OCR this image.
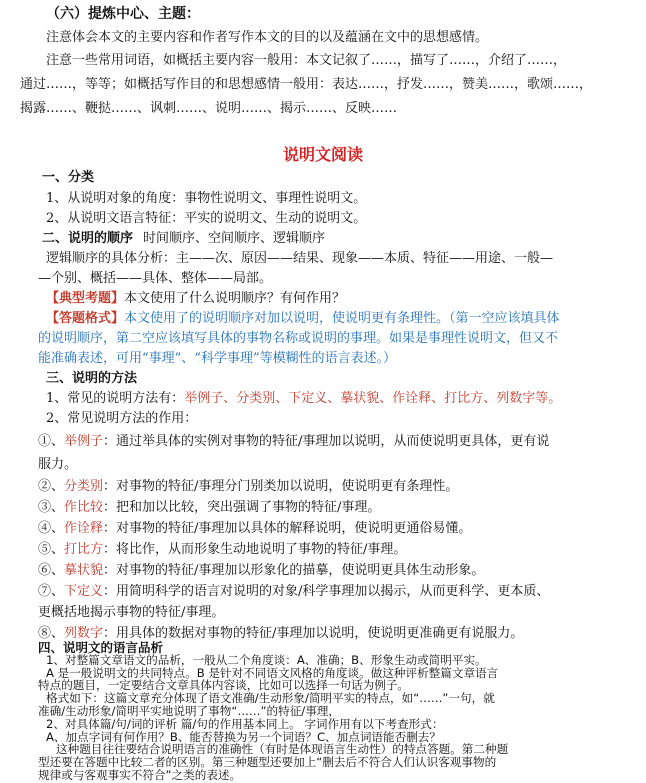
（六）提炼中心、主题：
注意体会本文的主要内容和作者写作本文的目的以及蕴涵在文中的思想感情。
注意一些常用词语，如概括主要内容一般用：本文记叙了……，描写了……，介绍了……，
通过……，等等；如概括写作目的和思想感情一般用：表达……，抒发……，赞美……，歌颂……，
揭露……、鞭挞……、讽刺……、说明……、揭示……、反映……
说明文阅读
一、分类
1、从说明对象的角度：事物性说明文、事理性说明文。
2、从说明文语言特征：平实的说明文、生动的说明文。
二、说明的顺序 时间顺序、空间顺序、逻辑顺序
逻辑顺序的具体分析：主——次、原因——结果、现象——本质、特征——用途、一般—
—个别、概括——具体、整体——局部。
【典型考题】本文使用了什么说明顺序？有何作用？
【答题格式】本文使用了的说明顺序对加以说明，使说明更有条理性。（第一空应该填具体
的说明顺序，第二空应该填写具体的事物名称或说明的事理。如果是事理性说明文，但又不
能准确表述，可用“事理”、“科学事理”等模糊性的语言表述。）
三、说明的方法
1、常见的说明方法有：举例子、分类别、下定义、摹状貌、作诠释、打比方、列数字等。
2、常见说明方法的作用：
①、举例子：通过举具体的实例对事物的特征/事理加以说明，从而使说明更具体，更有说
服力。
②、分类别：对事物的特征/事理分门别类加以说明，使说明更有条理性。
③、作比较：把和加以比较，突出强调了事物的特征/事理。
④、作诠释：对事物的特征/事理加以具体的解释说明，使说明更通俗易懂。
⑤、打比方：将比作，从而形象生动地说明了事物的特征/事理。
⑥、摹状貌：对事物的特征/事理加以形象化的描摹，使说明更具体生动形象。
⑦、下定义：用简明科学的语言对说明的对象/科学事理加以揭示，从而更科学、更本质、
更概括地揭示事物的特征/事理。
⑧、列数字：用具体的数据对事物的特征/事理加以说明，使说明更准确更有说服力。
四、说明文的语言品析
1、对整篇文章语文的品析，一般从二个角度谈：A、准确；B、形象生动或简明平实。
A 是一般说明文的共同特点。B 是针对不同语文风格的角度谈。做这种评析整篇文章语言
特点的题目，一定要结合文章具体内容谈，比如可以选择一句话为例子。
格式如下：这篇文章充分体现了语文准确/生动形象/简明平实的特点，如“……”一句，就
准确/生动形象/简明平实地说明了事物“……”的特征/事理，
2、对具体篇/句/词的评析 篇/句的作用基本同上。 字词作用有以下考查形式：
A、加点字词有何作用？B、能否替换为另一个词语？C、加点词语能否删去？
这种题目往往要结合说明语言的准确性（有时是体现语言生动性）的特点答题。第二种题
型还要在答题中比较二者的区别。第三种题型还要加上“删去后不符合人们认识客观事物的
规律或与客观事实不符合”之类的表述。
